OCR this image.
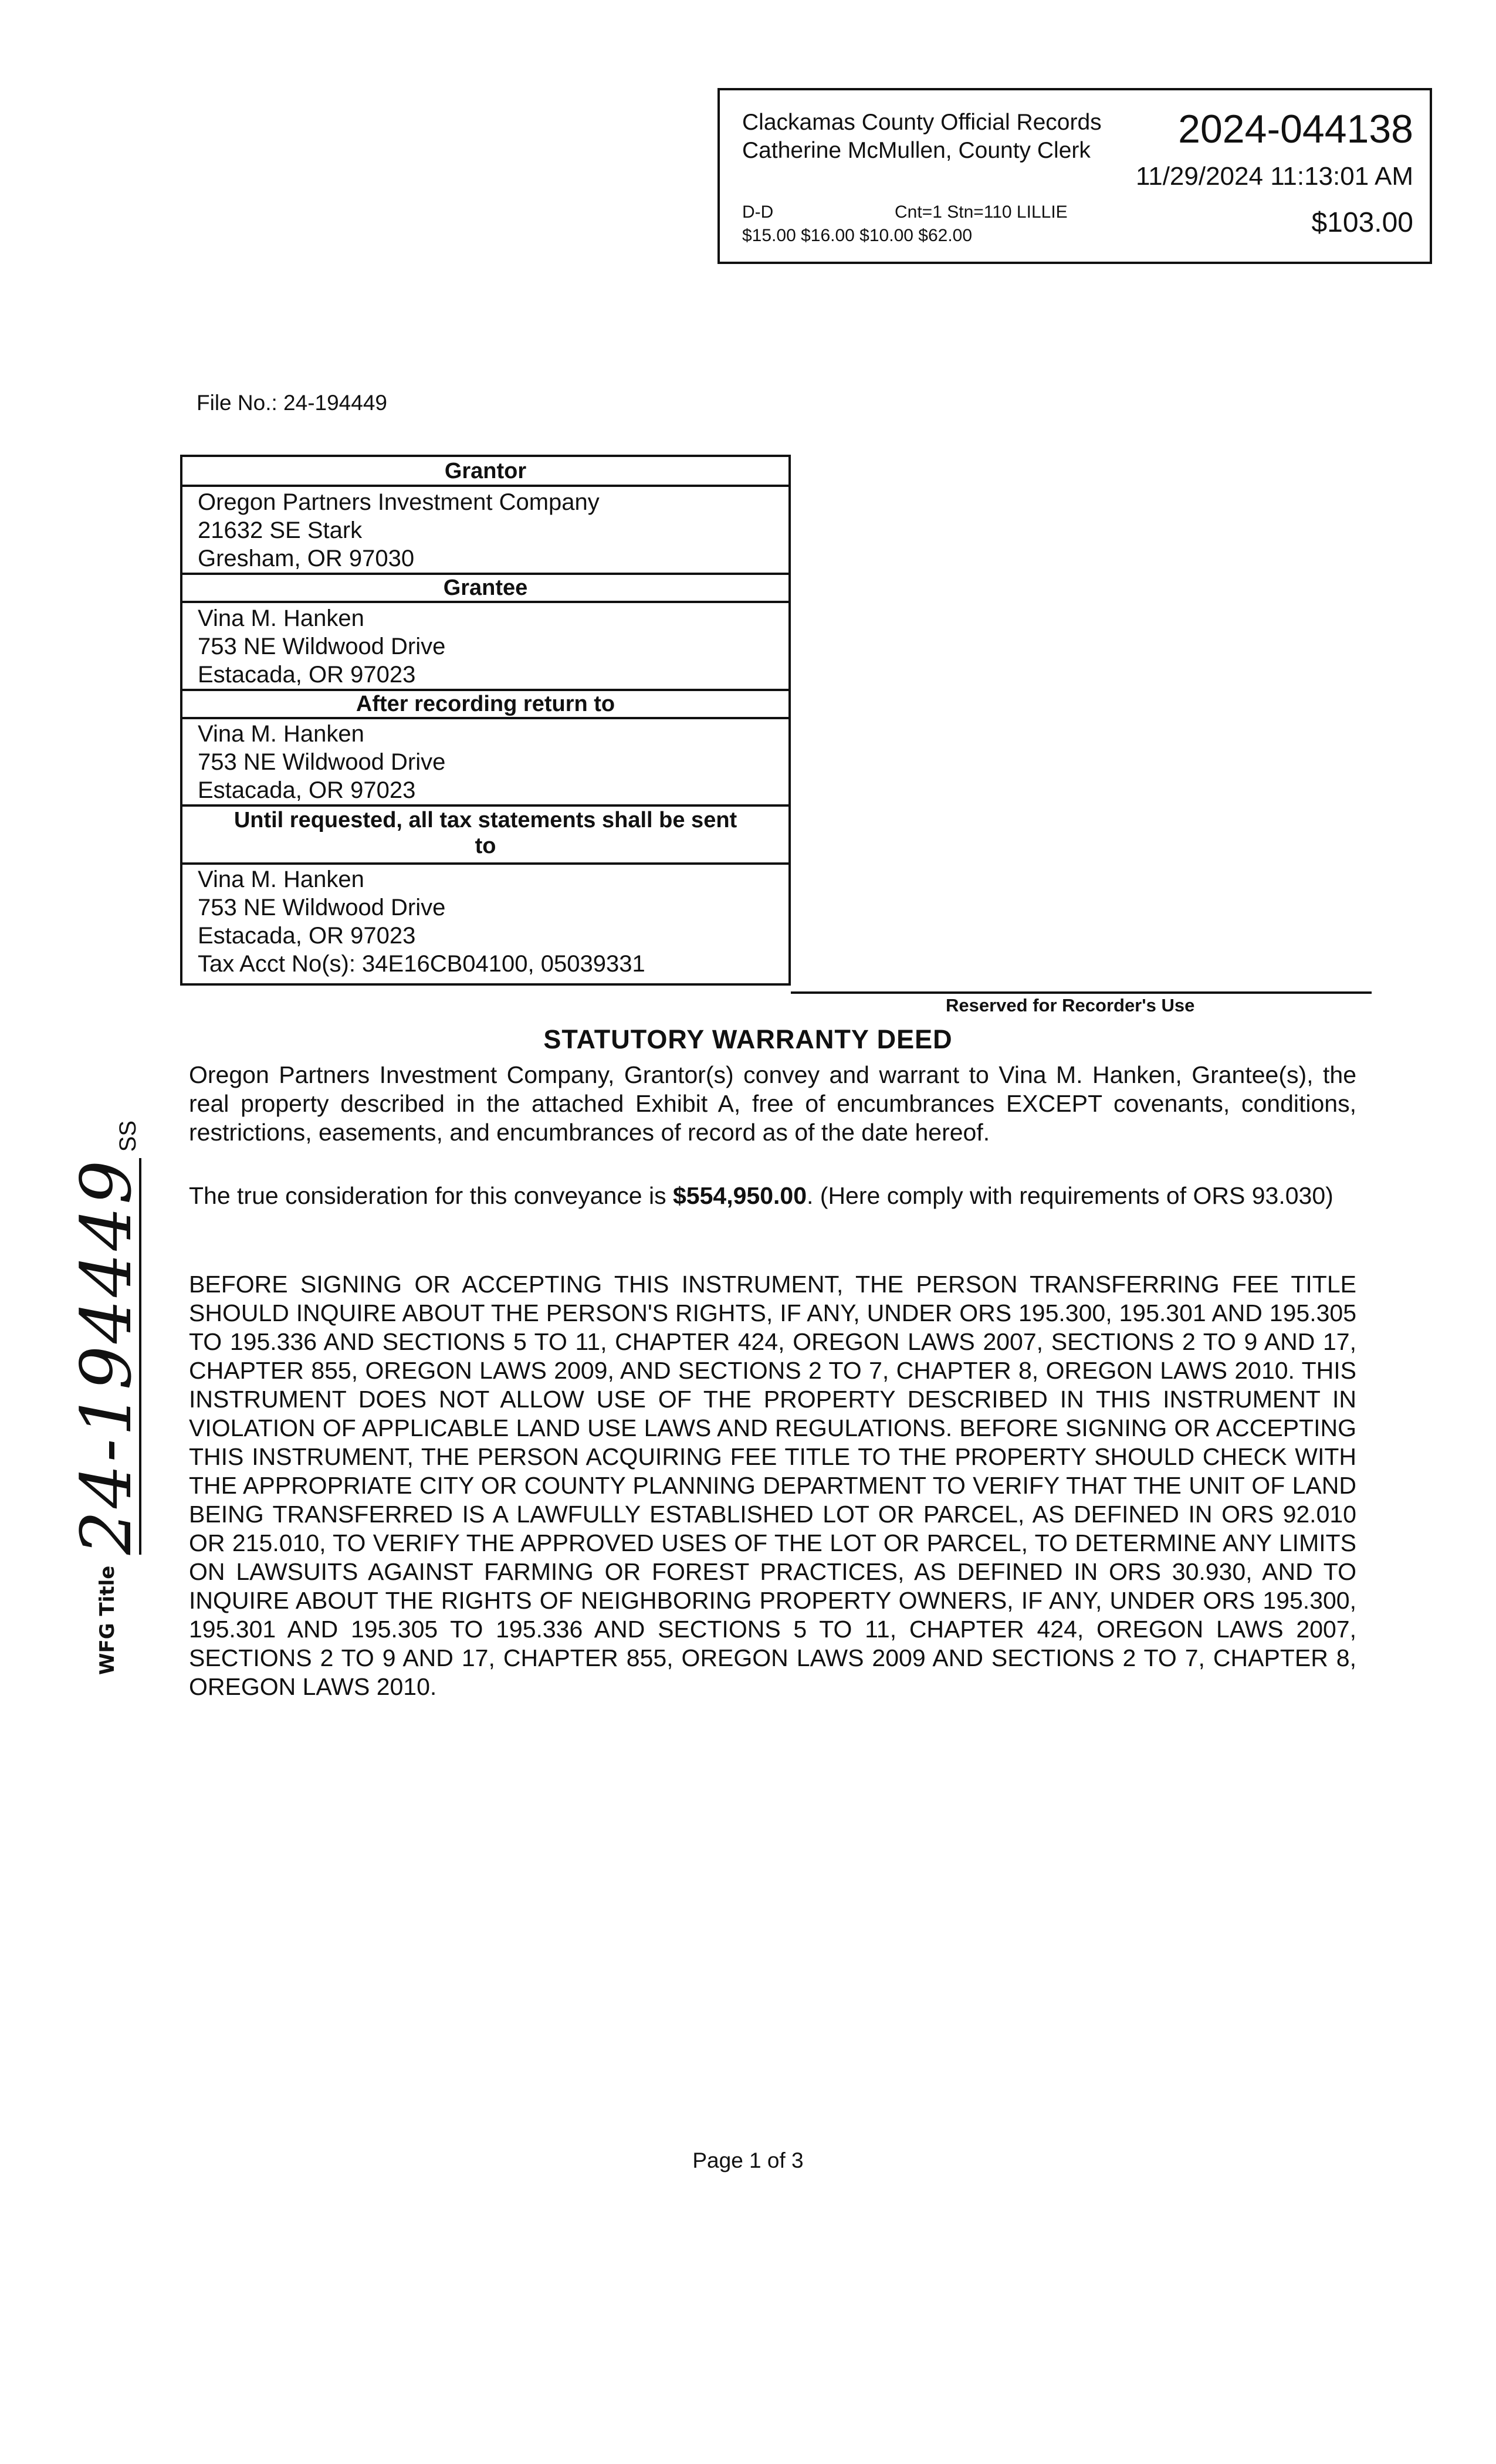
Clackamas County Official Records
Catherine McMullen, County Clerk 2024-044138
11/29/2024 11:13:01 AM
D-D	Cnt=1 Stn=110 LILLIE
$15.00 $16.00 $10.00 $62.00	$103.00
File No.: 24-194449
Grantor
Oregon Partners Investment Company
21632 SE Stark
Gresham, OR 97030
Grantee
Vina M. Hanken
753 NE Wildwood Drive
Estacada, OR 97023
After recording return to
Vina M. Hanken
753 NE Wildwood Drive
Estacada, OR 97023
Until requested, all tax statements shall be sent
to
Vina M. Hanken
753 NE Wildwood Drive
Estacada, OR 97023
Tax Acct No(s): 34E16CB04100, 05039331
Reserved for Recorder's Use
STATUTORY WARRANTY DEED
Oregon Partners Investment Company, Grantor(s) convey and warrant to Vina M. Hanken, Grantee(s), the real property described in the attached Exhibit A, free of encumbrances EXCEPT covenants, conditions, restrictions, easements, and encumbrances of record as of the date hereof.
The true consideration for this conveyance is $554,950.00. (Here comply with requirements of ORS 93.030)
BEFORE SIGNING OR ACCEPTING THIS INSTRUMENT, THE PERSON TRANSFERRING FEE TITLE SHOULD INQUIRE ABOUT THE PERSON'S RIGHTS, IF ANY, UNDER ORS 195.300, 195.301 AND 195.305 TO 195.336 AND SECTIONS 5 TO 11, CHAPTER 424, OREGON LAWS 2007, SECTIONS 2 TO 9 AND 17, CHAPTER 855, OREGON LAWS 2009, AND SECTIONS 2 TO 7, CHAPTER 8, OREGON LAWS 2010. THIS INSTRUMENT DOES NOT ALLOW USE OF THE PROPERTY DESCRIBED IN THIS INSTRUMENT IN VIOLATION OF APPLICABLE LAND USE LAWS AND REGULATIONS. BEFORE SIGNING OR ACCEPTING THIS INSTRUMENT, THE PERSON ACQUIRING FEE TITLE TO THE PROPERTY SHOULD CHECK WITH THE APPROPRIATE CITY OR COUNTY PLANNING DEPARTMENT TO VERIFY THAT THE UNIT OF LAND BEING TRANSFERRED IS A LAWFULLY ESTABLISHED LOT OR PARCEL, AS DEFINED IN ORS 92.010 OR 215.010, TO VERIFY THE APPROVED USES OF THE LOT OR PARCEL, TO DETERMINE ANY LIMITS ON LAWSUITS AGAINST FARMING OR FOREST PRACTICES, AS DEFINED IN ORS 30.930, AND TO INQUIRE ABOUT THE RIGHTS OF NEIGHBORING PROPERTY OWNERS, IF ANY, UNDER ORS 195.300, 195.301 AND 195.305 TO 195.336 AND SECTIONS 5 TO 11, CHAPTER 424, OREGON LAWS 2007, SECTIONS 2 TO 9 AND 17, CHAPTER 855, OREGON LAWS 2009 AND SECTIONS 2 TO 7, CHAPTER 8, OREGON LAWS 2010.
Page 1 of 3
WFG Title 24-194449 SS
